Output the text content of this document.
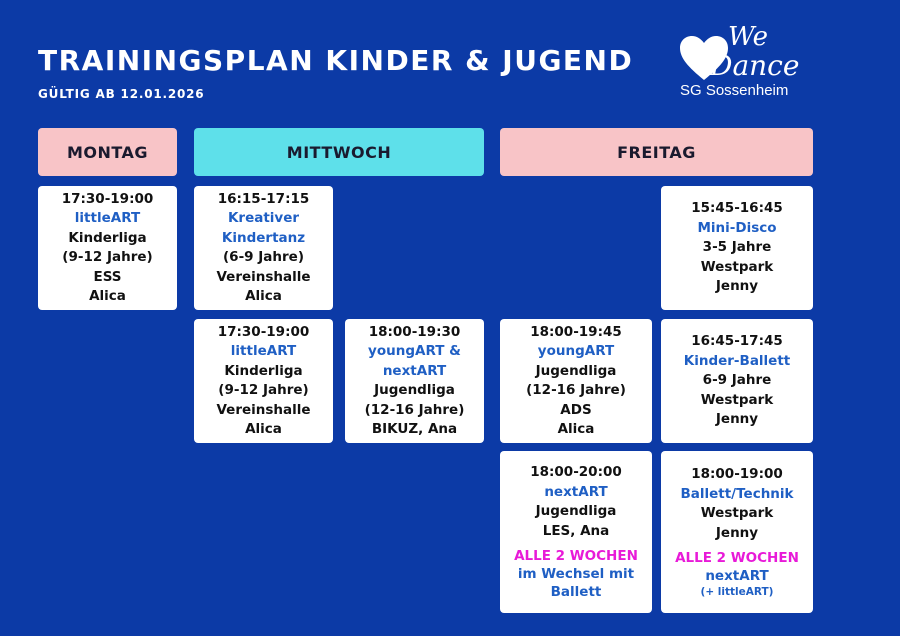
TRAININGSPLAN KINDER & JUGEND
GÜLTIG AB 12.01.2026
We
Dance
SG Sossenheim
MONTAG	MITTWOCH	FREITAG
17:30-19:00
littleART
Kinderliga
(9-12 Jahre)
ESS
Alica
16:15-17:15
Kreativer
Kindertanz
(6-9 Jahre)
Vereinshalle
Alica
17:30-19:00
littleART
Kinderliga
(9-12 Jahre)
Vereinshalle
Alica
18:00-19:30
youngART &
nextART
Jugendliga
(12-16 Jahre)
BIKUZ, Ana
15:45-16:45
Mini-Disco
3-5 Jahre
Westpark
Jenny
18:00-19:45
youngART
Jugendliga
(12-16 Jahre)
ADS
Alica
16:45-17:45
Kinder-Ballett
6-9 Jahre
Westpark
Jenny
18:00-20:00
nextART
Jugendliga
LES, Ana
ALLE 2 WOCHEN
im Wechsel mit
Ballett
18:00-19:00
Ballett/Technik
Westpark
Jenny
ALLE 2 WOCHEN
nextART
(+ littleART)
